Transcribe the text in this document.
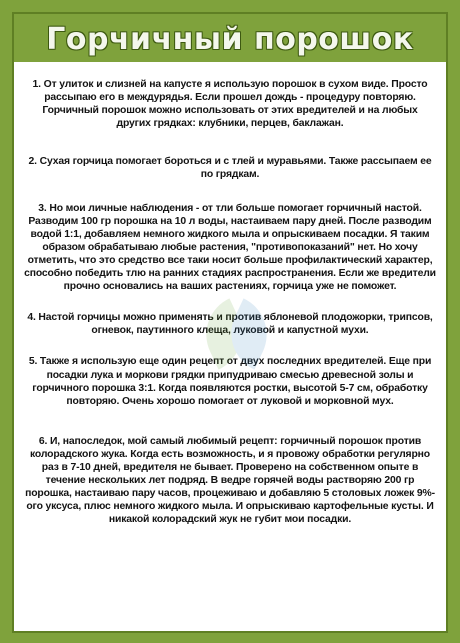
Горчичный порошок

1. От улиток и слизней на капусте я использую порошок в сухом виде. Просто рассыпаю его в междурядья. Если прошел дождь - процедуру повторяю. Горчичный порошок можно использовать от этих вредителей и на любых других грядках: клубники, перцев, баклажан.

2. Сухая горчица помогает бороться и с тлей и муравьями. Также рассыпаем ее по грядкам.

3. Но мои личные наблюдения - от тли больше помогает горчичный настой. Разводим 100 гр порошка на 10 л воды, настаиваем пару дней. После разводим водой 1:1, добавляем немного жидкого мыла и опрыскиваем посадки. Я таким образом обрабатываю любые растения, "противопоказаний" нет. Но хочу отметить, что это средство все таки носит больше профилактический характер, способно победить тлю на ранних стадиях распространения. Если же вредители прочно основались на ваших растениях, горчица уже не поможет.

4. Настой горчицы можно применять и против яблоневой плодожорки, трипсов, огневок, паутинного клеща, луковой и капустной мухи.

5. Также я использую еще один рецепт от двух последних вредителей. Еще при посадки лука и моркови грядки припудриваю смесью древесной золы и горчичного порошка 3:1. Когда появляются ростки, высотой 5-7 см, обработку повторяю. Очень хорошо помогает от луковой и морковной мух.

6. И, напоследок, мой самый любимый рецепт: горчичный порошок против колорадского жука. Когда есть возможность, и я провожу обработки регулярно раз в 7-10 дней, вредителя не бывает. Проверено на собственном опыте в течение нескольких лет подряд. В ведре горячей воды растворяю 200 гр порошка, настаиваю пару часов, процеживаю и добавляю 5 столовых ложек 9%-ого уксуса, плюс немного жидкого мыла. И опрыскиваю картофельные кусты. И никакой колорадский жук не губит мои посадки.
